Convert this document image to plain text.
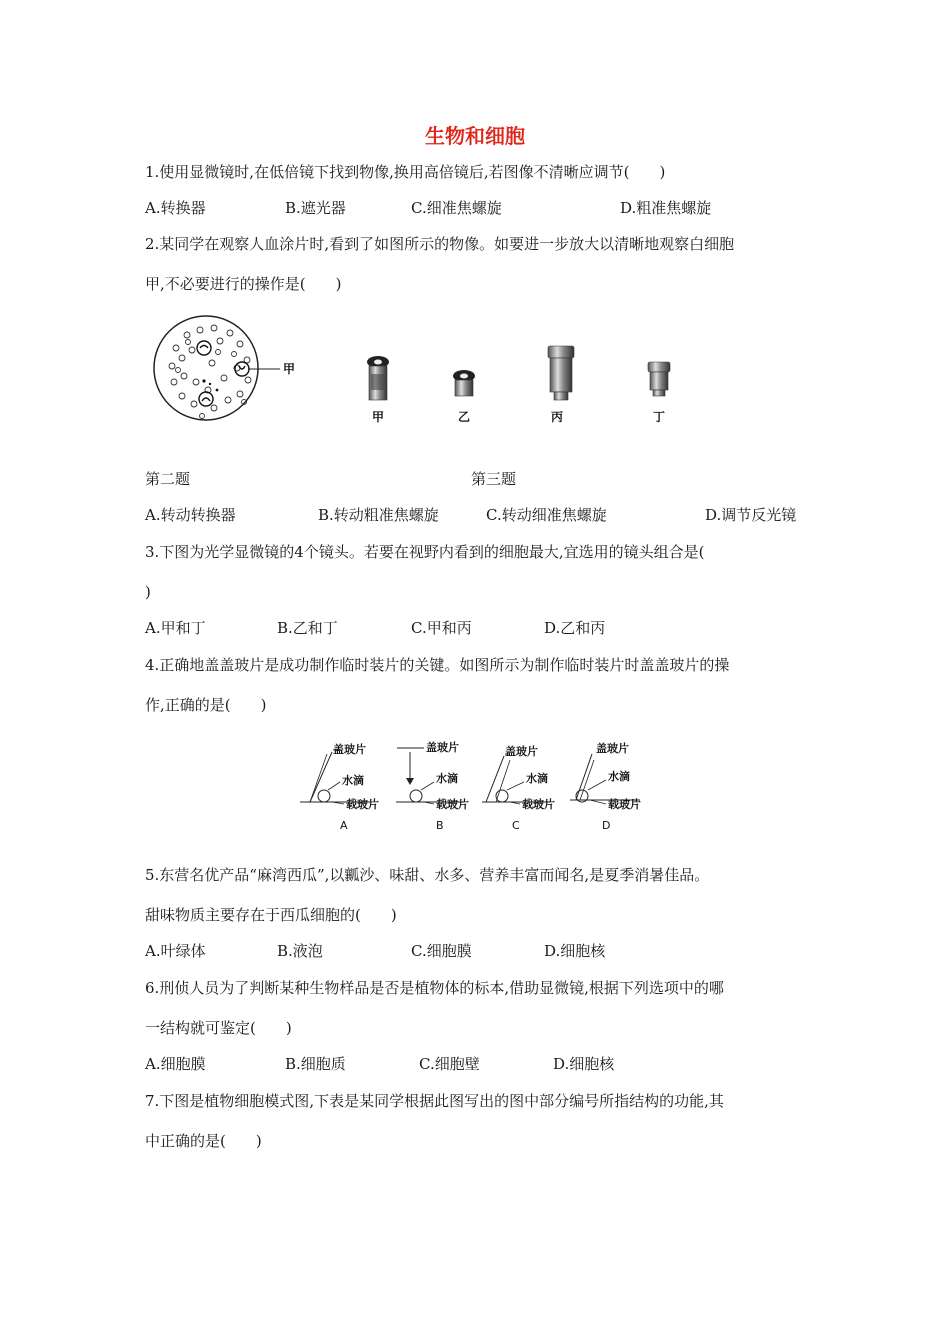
生物和细胞
1.使用显微镜时,在低倍镜下找到物像,换用高倍镜后,若图像不清晰应调节(　　)
A.转换器	B.遮光器	C.细准焦螺旋	D.粗准焦螺旋
2.某同学在观察人血涂片时,看到了如图所示的物像。如要进一步放大以清晰地观察白细胞
甲,不必要进行的操作是(　　)
甲
甲	乙	丙	丁
第二题	第三题
A.转动转换器	B.转动粗准焦螺旋	C.转动细准焦螺旋	D.调节反光镜
3.下图为光学显微镜的4个镜头。若要在视野内看到的细胞最大,宜选用的镜头组合是(
)
A.甲和丁	B.乙和丁	C.甲和丙	D.乙和丙
4.正确地盖盖玻片是成功制作临时装片的关键。如图所示为制作临时装片时盖盖玻片的操
作,正确的是(　　)
盖玻片
水滴
载玻片
A
盖玻片
水滴
载玻片
B
盖玻片
水滴
载玻片
C
盖玻片
水滴
载玻片
D
5.东营名优产品“麻湾西瓜”,以瓤沙、味甜、水多、营养丰富而闻名,是夏季消暑佳品。
甜味物质主要存在于西瓜细胞的(　　)
A.叶绿体	B.液泡	C.细胞膜	D.细胞核
6.刑侦人员为了判断某种生物样品是否是植物体的标本,借助显微镜,根据下列选项中的哪
一结构就可鉴定(　　)
A.细胞膜	B.细胞质	C.细胞壁	D.细胞核
7.下图是植物细胞模式图,下表是某同学根据此图写出的图中部分编号所指结构的功能,其
中正确的是(　　)
